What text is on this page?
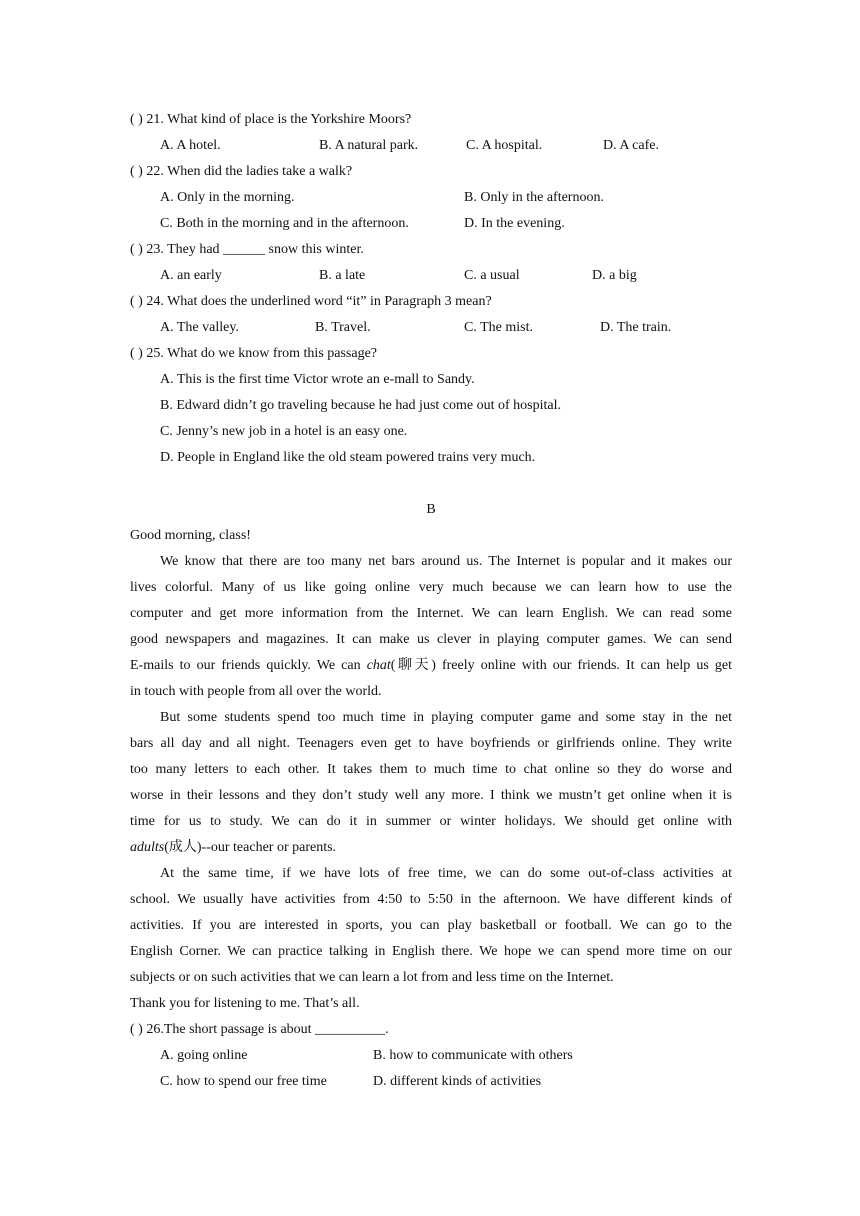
( ) 21. What kind of place is the Yorkshire Moors?
A. A hotel.	B. A natural park.	C. A hospital.	D. A cafe.
( ) 22. When did the ladies take a walk?
A. Only in the morning.	B. Only in the afternoon.
C. Both in the morning and in the afternoon.	D. In the evening.
( ) 23. They had ______ snow this winter.
A. an early	B. a late	C. a usual	D. a big
( ) 24. What does the underlined word “it” in Paragraph 3 mean?
A. The valley.	B. Travel.	C. The mist.	D. The train.
( ) 25. What do we know from this passage?
A. This is the first time Victor wrote an e-mall to Sandy.
B. Edward didn’t go traveling because he had just come out of hospital.
C. Jenny’s new job in a hotel is an easy one.
D. People in England like the old steam powered trains very much.
B
Good morning, class!
We know that there are too many net bars around us. The Internet is popular and it makes our
lives colorful. Many of us like going online very much because we can learn how to use the
computer and get more information from the Internet. We can learn English. We can read some
good newspapers and magazines. It can make us clever in playing computer games. We can send
E-mails to our friends quickly. We can chat(聊天) freely online with our friends. It can help us get
in touch with people from all over the world.
But some students spend too much time in playing computer game and some stay in the net
bars all day and all night. Teenagers even get to have boyfriends or girlfriends online. They write
too many letters to each other. It takes them to much time to chat online so they do worse and
worse in their lessons and they don’t study well any more. I think we mustn’t get online when it is
time for us to study. We can do it in summer or winter holidays. We should get online with
adults(成人)--our teacher or parents.
At the same time, if we have lots of free time, we can do some out-of-class activities at
school. We usually have activities from 4:50 to 5:50 in the afternoon. We have different kinds of
activities. If you are interested in sports, you can play basketball or football. We can go to the
English Corner. We can practice talking in English there. We hope we can spend more time on our
subjects or on such activities that we can learn a lot from and less time on the Internet.
Thank you for listening to me. That’s all.
( ) 26.The short passage is about __________.
A. going online	B. how to communicate with others
C. how to spend our free time	D. different kinds of activities
